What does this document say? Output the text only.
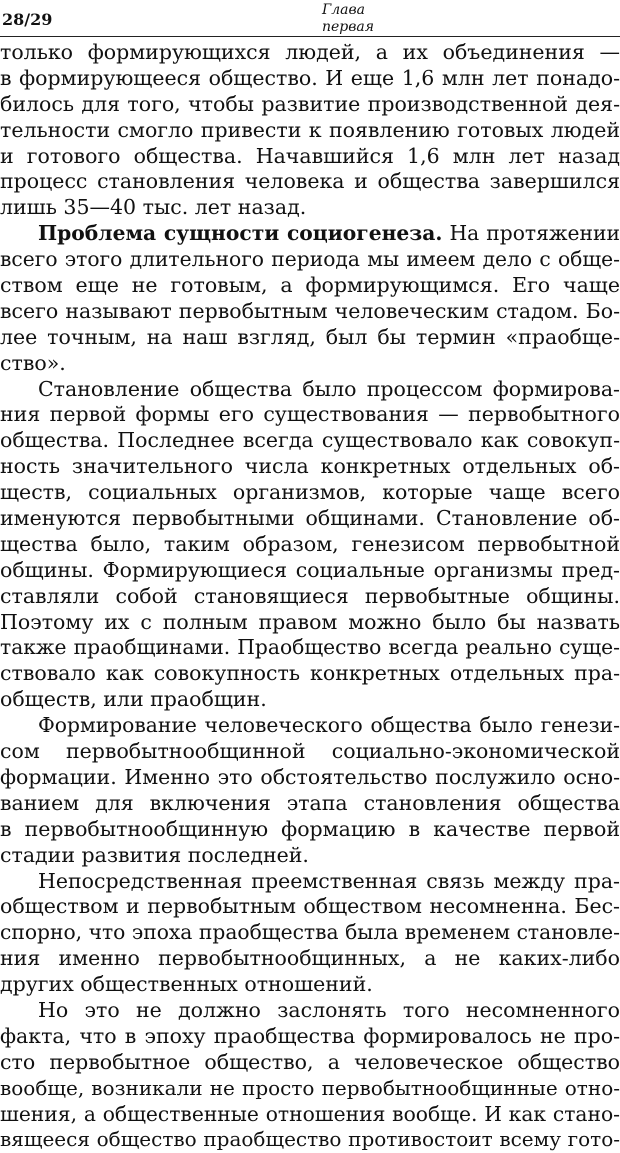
28/29	Глава
первая
только формирующихся людей, а их объединения —
в формирующееся общество. И еще 1,6 млн лет понадо-
билось для того, чтобы развитие производственной дея-
тельности смогло привести к появлению готовых людей
и готового общества. Начавшийся 1,6 млн лет назад
процесс становления человека и общества завершился
лишь 35—40 тыс. лет назад.
Проблема сущности социогенеза. На протяжении
всего этого длительного периода мы имеем дело с обще-
ством еще не готовым, а формирующимся. Его чаще
всего называют первобытным человеческим стадом. Бо-
лее точным, на наш взгляд, был бы термин «праобще-
ство».
Становление общества было процессом формирова-
ния первой формы его существования — первобытного
общества. Последнее всегда существовало как совокуп-
ность значительного числа конкретных отдельных об-
ществ, социальных организмов, которые чаще всего
именуются первобытными общинами. Становление об-
щества было, таким образом, генезисом первобытной
общины. Формирующиеся социальные организмы пред-
ставляли собой становящиеся первобытные общины.
Поэтому их с полным правом можно было бы назвать
также праобщинами. Праобщество всегда реально суще-
ствовало как совокупность конкретных отдельных пра-
обществ, или праобщин.
Формирование человеческого общества было генези-
сом первобытнообщинной социально-экономической
формации. Именно это обстоятельство послужило осно-
ванием для включения этапа становления общества
в первобытнообщинную формацию в качестве первой
стадии развития последней.
Непосредственная преемственная связь между пра-
обществом и первобытным обществом несомненна. Бес-
спорно, что эпоха праобщества была временем становле-
ния именно первобытнообщинных, а не каких-либо
других общественных отношений.
Но это не должно заслонять того несомненного
факта, что в эпоху праобщества формировалось не про-
сто первобытное общество, а человеческое общество
вообще, возникали не просто первобытнообщинные отно-
шения, а общественные отношения вообще. И как стано-
вящееся общество праобщество противостоит всему гото-
